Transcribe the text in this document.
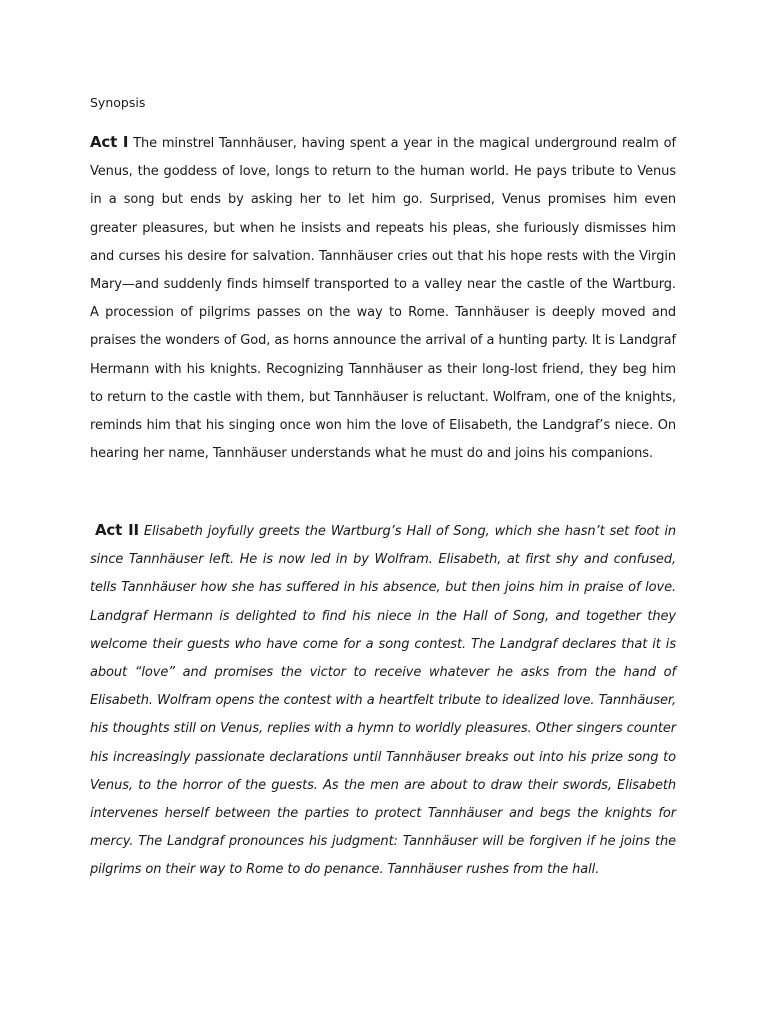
Synopsis

Act I The minstrel Tannhäuser, having spent a year in the magical underground realm of Venus, the goddess of love, longs to return to the human world. He pays tribute to Venus in a song but ends by asking her to let him go. Surprised, Venus promises him even greater pleasures, but when he insists and repeats his pleas, she furiously dismisses him and curses his desire for salvation. Tannhäuser cries out that his hope rests with the Virgin Mary—and suddenly finds himself transported to a valley near the castle of the Wartburg. A procession of pilgrims passes on the way to Rome. Tannhäuser is deeply moved and praises the wonders of God, as horns announce the arrival of a hunting party. It is Landgraf Hermann with his knights. Recognizing Tannhäuser as their long-lost friend, they beg him to return to the castle with them, but Tannhäuser is reluctant. Wolfram, one of the knights, reminds him that his singing once won him the love of Elisabeth, the Landgraf’s niece. On hearing her name, Tannhäuser understands what he must do and joins his companions.

Act II Elisabeth joyfully greets the Wartburg’s Hall of Song, which she hasn’t set foot in since Tannhäuser left. He is now led in by Wolfram. Elisabeth, at first shy and confused, tells Tannhäuser how she has suffered in his absence, but then joins him in praise of love. Landgraf Hermann is delighted to find his niece in the Hall of Song, and together they welcome their guests who have come for a song contest. The Landgraf declares that it is about “love” and promises the victor to receive whatever he asks from the hand of Elisabeth. Wolfram opens the contest with a heartfelt tribute to idealized love. Tannhäuser, his thoughts still on Venus, replies with a hymn to worldly pleasures. Other singers counter his increasingly passionate declarations until Tannhäuser breaks out into his prize song to Venus, to the horror of the guests. As the men are about to draw their swords, Elisabeth intervenes herself between the parties to protect Tannhäuser and begs the knights for mercy. The Landgraf pronounces his judgment: Tannhäuser will be forgiven if he joins the pilgrims on their way to Rome to do penance. Tannhäuser rushes from the hall.
